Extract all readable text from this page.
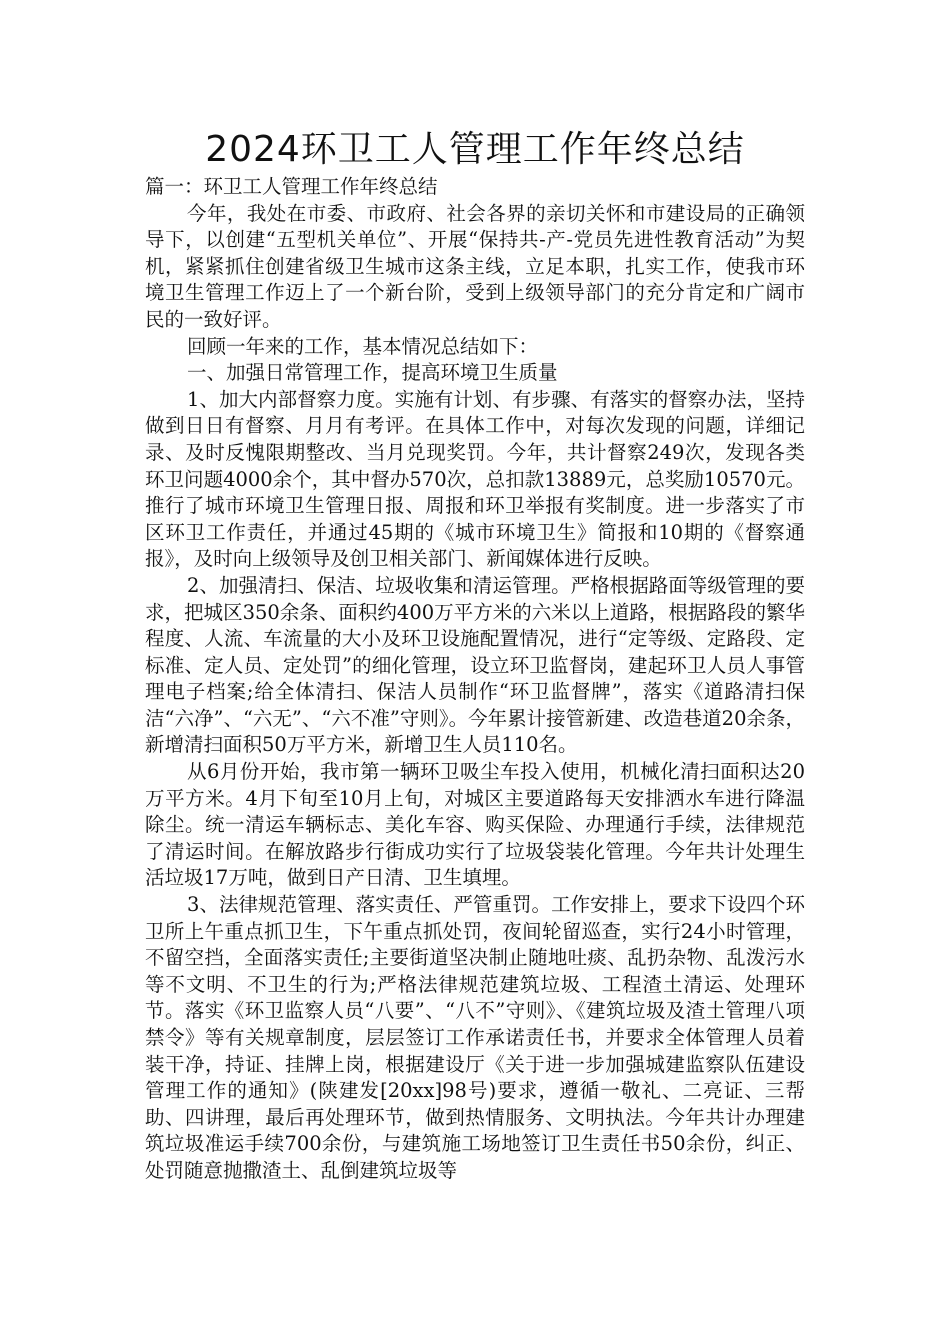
2024环卫工人管理工作年终总结

篇一：环卫工人管理工作年终总结

今年，我处在市委、市政府、社会各界的亲切关怀和市建设局的正确领导下，以创建“五型机关单位”、开展“保持共-产-党员先进性教育活动”为契机，紧紧抓住创建省级卫生城市这条主线，立足本职，扎实工作，使我市环境卫生管理工作迈上了一个新台阶，受到上级领导部门的充分肯定和广阔市民的一致好评。

回顾一年来的工作，基本情况总结如下：

一、加强日常管理工作，提高环境卫生质量

1、加大内部督察力度。实施有计划、有步骤、有落实的督察办法，坚持做到日日有督察、月月有考评。在具体工作中，对每次发现的问题，详细记录、及时反愧限期整改、当月兑现奖罚。今年，共计督察249次，发现各类环卫问题4000余个，其中督办570次，总扣款13889元，总奖励10570元。推行了城市环境卫生管理日报、周报和环卫举报有奖制度。进一步落实了市区环卫工作责任，并通过45期的《城市环境卫生》简报和10期的《督察通报》，及时向上级领导及创卫相关部门、新闻媒体进行反映。

2、加强清扫、保洁、垃圾收集和清运管理。严格根据路面等级管理的要求，把城区350余条、面积约400万平方米的六米以上道路，根据路段的繁华程度、人流、车流量的大小及环卫设施配置情况，进行“定等级、定路段、定标准、定人员、定处罚”的细化管理，设立环卫监督岗，建起环卫人员人事管理电子档案;给全体清扫、保洁人员制作“环卫监督牌”，落实《道路清扫保洁“六净”、“六无”、“六不准”守则》。今年累计接管新建、改造巷道20余条，新增清扫面积50万平方米，新增卫生人员110名。

从6月份开始，我市第一辆环卫吸尘车投入使用，机械化清扫面积达20万平方米。4月下旬至10月上旬，对城区主要道路每天安排洒水车进行降温除尘。统一清运车辆标志、美化车容、购买保险、办理通行手续，法律规范了清运时间。在解放路步行街成功实行了垃圾袋装化管理。今年共计处理生活垃圾17万吨，做到日产日清、卫生填埋。

3、法律规范管理、落实责任、严管重罚。工作安排上，要求下设四个环卫所上午重点抓卫生，下午重点抓处罚，夜间轮留巡查，实行24小时管理，不留空挡，全面落实责任;主要街道坚决制止随地吐痰、乱扔杂物、乱泼污水等不文明、不卫生的行为;严格法律规范建筑垃圾、工程渣土清运、处理环节。落实《环卫监察人员“八要”、“八不”守则》、《建筑垃圾及渣土管理八项禁令》等有关规章制度，层层签订工作承诺责任书，并要求全体管理人员着装干净，持证、挂牌上岗，根据建设厅《关于进一步加强城建监察队伍建设管理工作的通知》(陕建发[20xx]98号)要求，遵循一敬礼、二亮证、三帮助、四讲理，最后再处理环节，做到热情服务、文明执法。今年共计办理建筑垃圾准运手续700余份，与建筑施工场地签订卫生责任书50余份，纠正、处罚随意抛撒渣土、乱倒建筑垃圾等
